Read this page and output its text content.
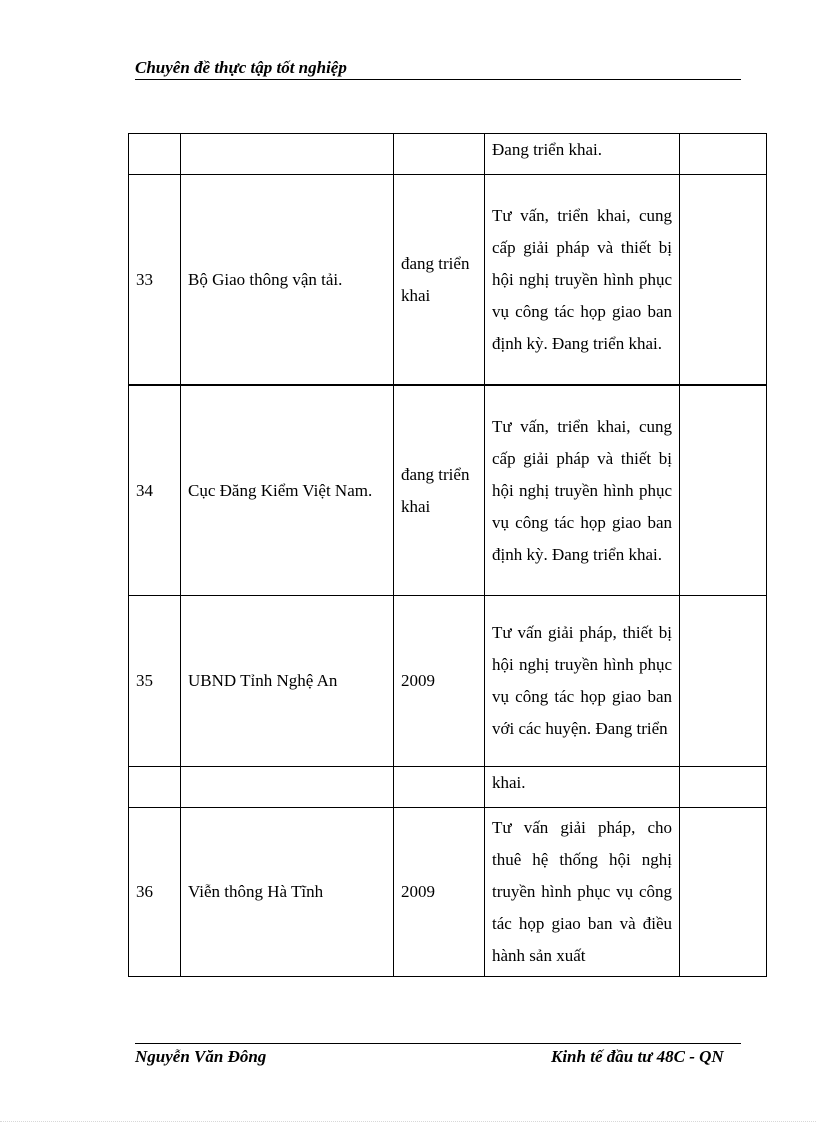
Chuyên đề thực tập tốt nghiệp
			Đang triển khai.	
33	Bộ Giao thông vận tải.	đang triển khai	Tư vấn, triển khai, cung cấp giải pháp và thiết bị hội nghị truyền hình phục vụ công tác họp giao ban định kỳ. Đang triển khai.	
34	Cục Đăng Kiểm Việt Nam.	đang triển khai	Tư vấn, triển khai, cung cấp giải pháp và thiết bị hội nghị truyền hình phục vụ công tác họp giao ban định kỳ. Đang triển khai.	
35	UBND Tỉnh Nghệ An	2009	Tư vấn giải pháp, thiết bị hội nghị truyền hình phục vụ công tác họp giao ban với các huyện. Đang triển	
			khai.	
36	Viễn thông Hà Tĩnh	2009	Tư vấn giải pháp, cho thuê hệ thống hội nghị truyền hình phục vụ công tác họp giao ban và điều hành sản xuất	
Nguyễn Văn Đông	Kinh tế đầu tư 48C - QN
